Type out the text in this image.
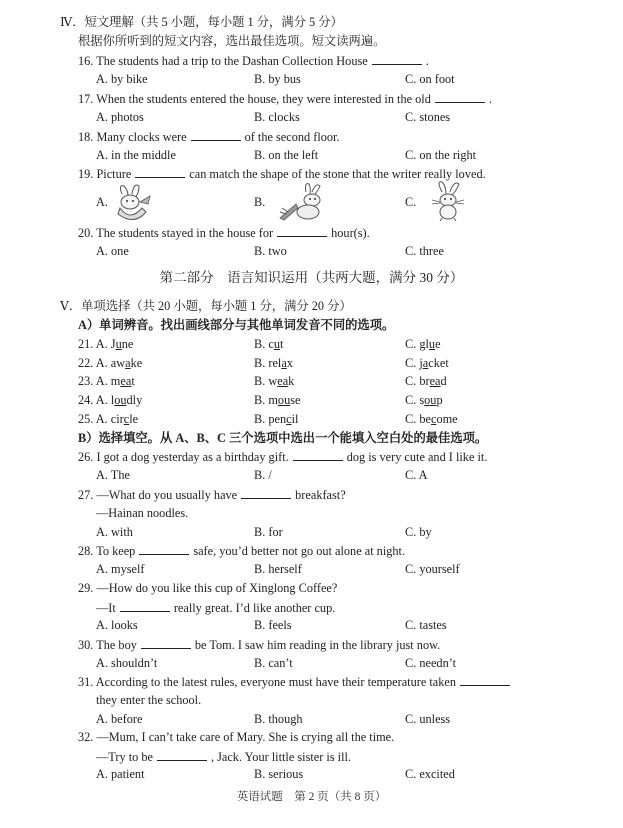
Ⅳ．短文理解（共 5 小题，每小题 1 分，满分 5 分）
根据你所听到的短文内容，选出最佳选项。短文读两遍。
16. The students had a trip to the Dashan Collection House	.
A. by bike	B. by bus	C. on foot
17. When the students entered the house, they were interested in the old	.
A. photos	B. clocks	C. stones
18. Many clocks were	of the second floor.
A. in the middle	B. on the left	C. on the right
19. Picture	can match the shape of the stone that the writer really loved.
A.	B.	C.
20. The students stayed in the house for	hour(s).
A. one	B. two	C. three
第二部分　语言知识运用（共两大题，满分 30 分）
Ⅴ．单项选择（共 20 小题，每小题 1 分，满分 20 分）
A）单词辨音。找出画线部分与其他单词发音不同的选项。
21. A. June	B. cut	C. glue
22. A. awake	B. relax	C. jacket
23. A. meat	B. weak	C. bread
24. A. loudly	B. mouse	C. soup
25. A. circle	B. pencil	C. become
B）选择填空。从 A、B、C 三个选项中选出一个能填入空白处的最佳选项。
26. I got a dog yesterday as a birthday gift.	dog is very cute and I like it.
A. The	B. /	C. A
27. —What do you usually have	breakfast?
—Hainan noodles.
A. with	B. for	C. by
28. To keep	safe, you’d better not go out alone at night.
A. myself	B. herself	C. yourself
29. —How do you like this cup of Xinglong Coffee?
—It	really great. I’d like another cup.
A. looks	B. feels	C. tastes
30. The boy	be Tom. I saw him reading in the library just now.
A. shouldn’t	B. can’t	C. needn’t
31. According to the latest rules, everyone must have their temperature taken
they enter the school.
A. before	B. though	C. unless
32. —Mum, I can’t take care of Mary. She is crying all the time.
—Try to be	, Jack. Your little sister is ill.
A. patient	B. serious	C. excited
英语试题　第 2 页（共 8 页）
